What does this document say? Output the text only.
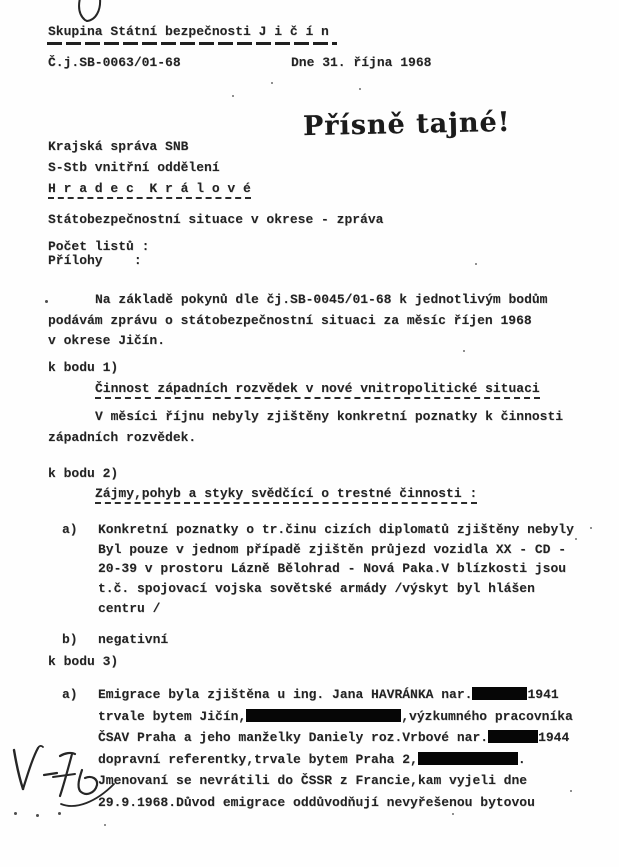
Skupina Státní bezpečnosti J i č í n
Č.j.SB-0063/01-68	Dne 31. října 1968
Přísně tajné!
Krajská správa SNB
S-Stb vnitřní oddělení
H r a d e c  K r á l o v é
Státobezpečnostní situace v okrese - zpráva
Počet listů :
Přílohy    :
Na základě pokynů dle čj.SB-0045/01-68 k jednotlivým bodům
podávám zprávu o státobezpečnostní situaci za měsíc říjen 1968
v okrese Jičín.
k bodu 1)
Činnost západních rozvědek v nové vnitropolitické situaci
V měsíci říjnu nebyly zjištěny konkretní poznatky k činnosti
západních rozvědek.
k bodu 2)
Zájmy,pohyb a styky svědčící o trestné činnosti :
a) Konkretní poznatky o tr.činu cizích diplomatů zjištěny nebyly
Byl pouze v jednom případě zjištěn průjezd vozidla XX - CD -
20-39 v prostoru Lázně Bělohrad - Nová Paka.V blízkosti jsou
t.č. spojovací vojska sovětské armády /výskyt byl hlášen
centru /
b) negativní
k bodu 3)
a) Emigrace byla zjištěna u ing. Jana HAVRÁNKA nar.	1941
trvale bytem Jičín,	,výzkumného pracovníka
ČSAV Praha a jeho manželky Daniely roz.Vrbové nar.	1944
dopravní referentky,trvale bytem Praha 2,	.
Jmenovaní se nevrátili do ČSSR z Francie,kam vyjeli dne
29.9.1968.Důvod emigrace oddůvodňují nevyřešenou bytovou
